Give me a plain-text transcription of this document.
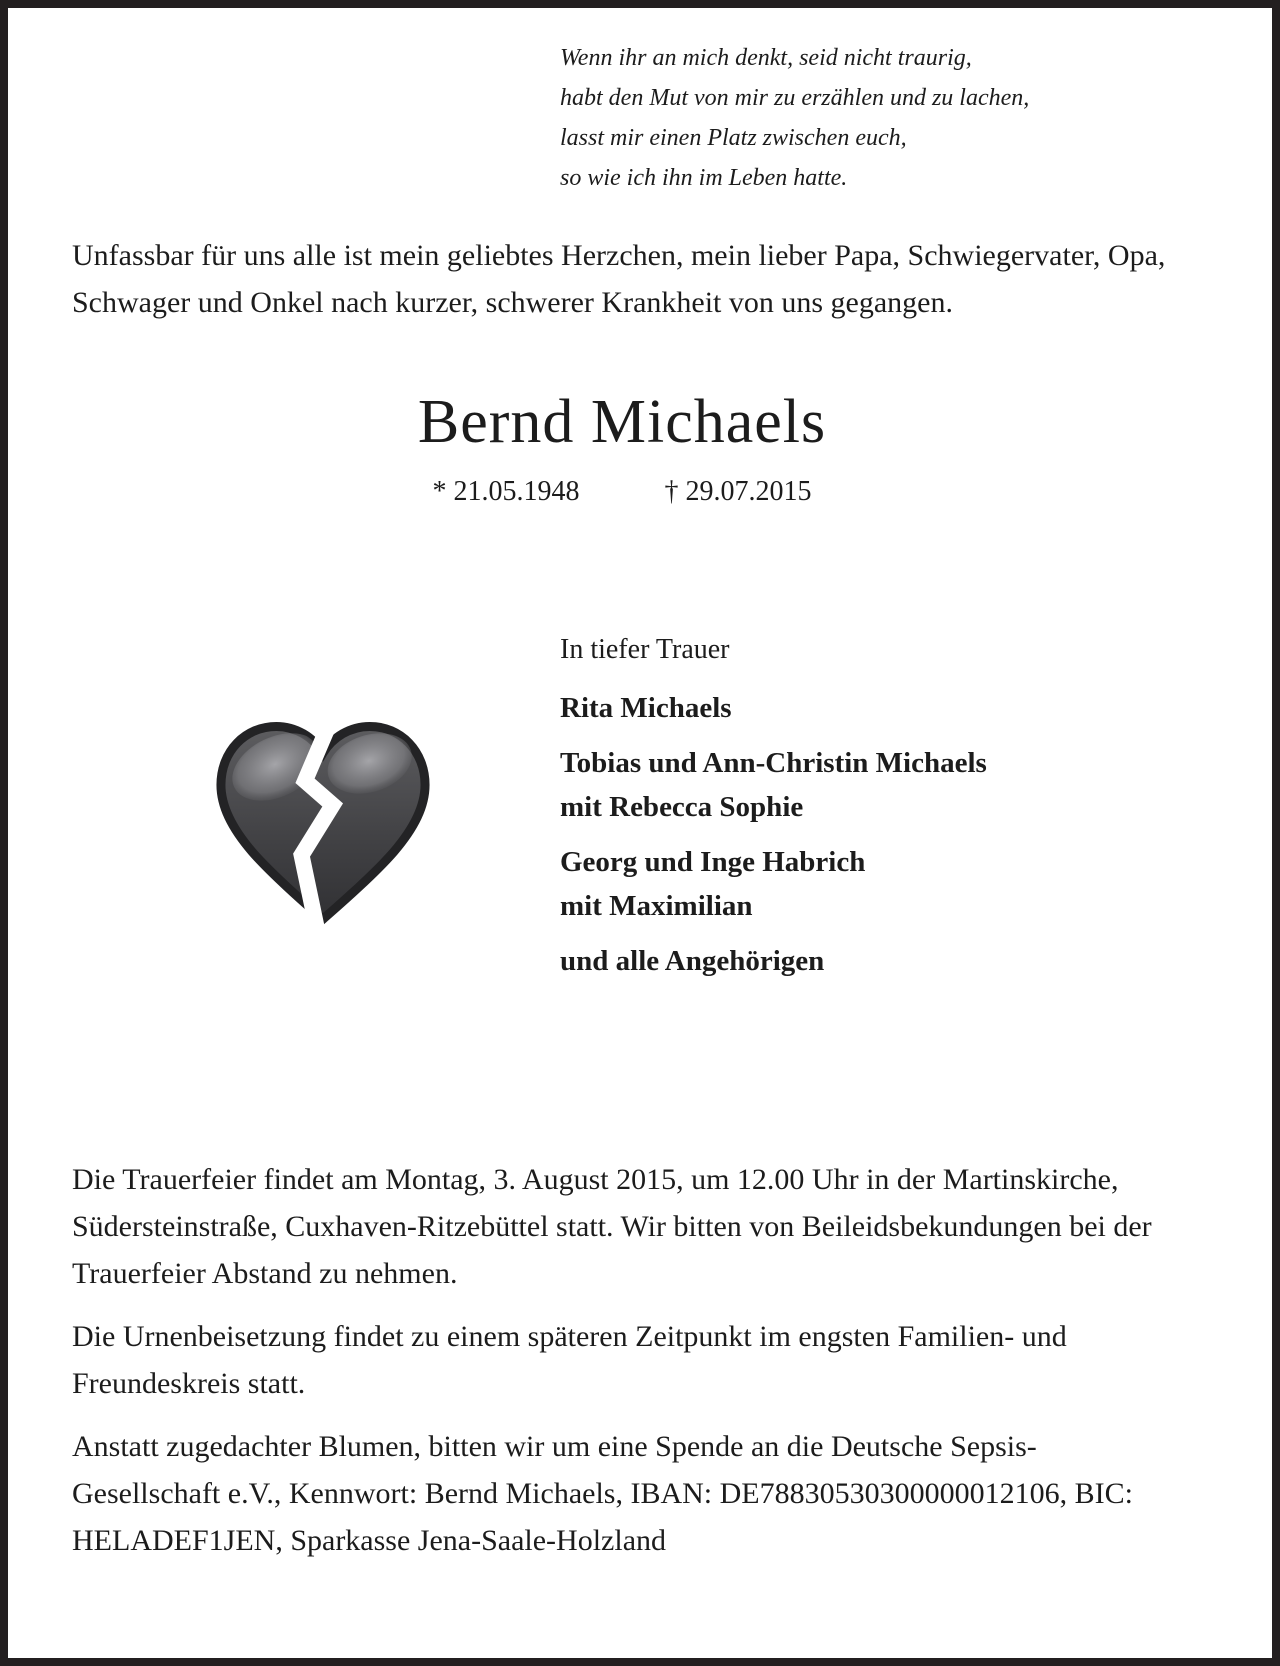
Wenn ihr an mich denkt, seid nicht traurig,
habt den Mut von mir zu erzählen und zu lachen,
lasst mir einen Platz zwischen euch,
so wie ich ihn im Leben hatte.
Unfassbar für uns alle ist mein geliebtes Herzchen, mein lieber Papa, Schwiegervater, Opa, Schwager und Onkel nach kurzer, schwerer Krankheit von uns gegangen.
Bernd Michaels
* 21.05.1948	† 29.07.2015
In tiefer Trauer
Rita Michaels
Tobias und Ann-Christin Michaels
mit Rebecca Sophie
Georg und Inge Habrich
mit Maximilian
und alle Angehörigen

Die Trauerfeier findet am Montag, 3. August 2015, um 12.00 Uhr in der Martinskirche, Südersteinstraße, Cuxhaven-Ritzebüttel statt. Wir bitten von Beileidsbekundungen bei der Trauerfeier Abstand zu nehmen.

Die Urnenbeisetzung findet zu einem späteren Zeitpunkt im engsten Familien- und Freundeskreis statt.

Anstatt zugedachter Blumen, bitten wir um eine Spende an die Deutsche Sepsis-Gesellschaft e.V., Kennwort: Bernd Michaels, IBAN: DE78830530300000012106, BIC: HELADEF1JEN, Sparkasse Jena-Saale-Holzland
